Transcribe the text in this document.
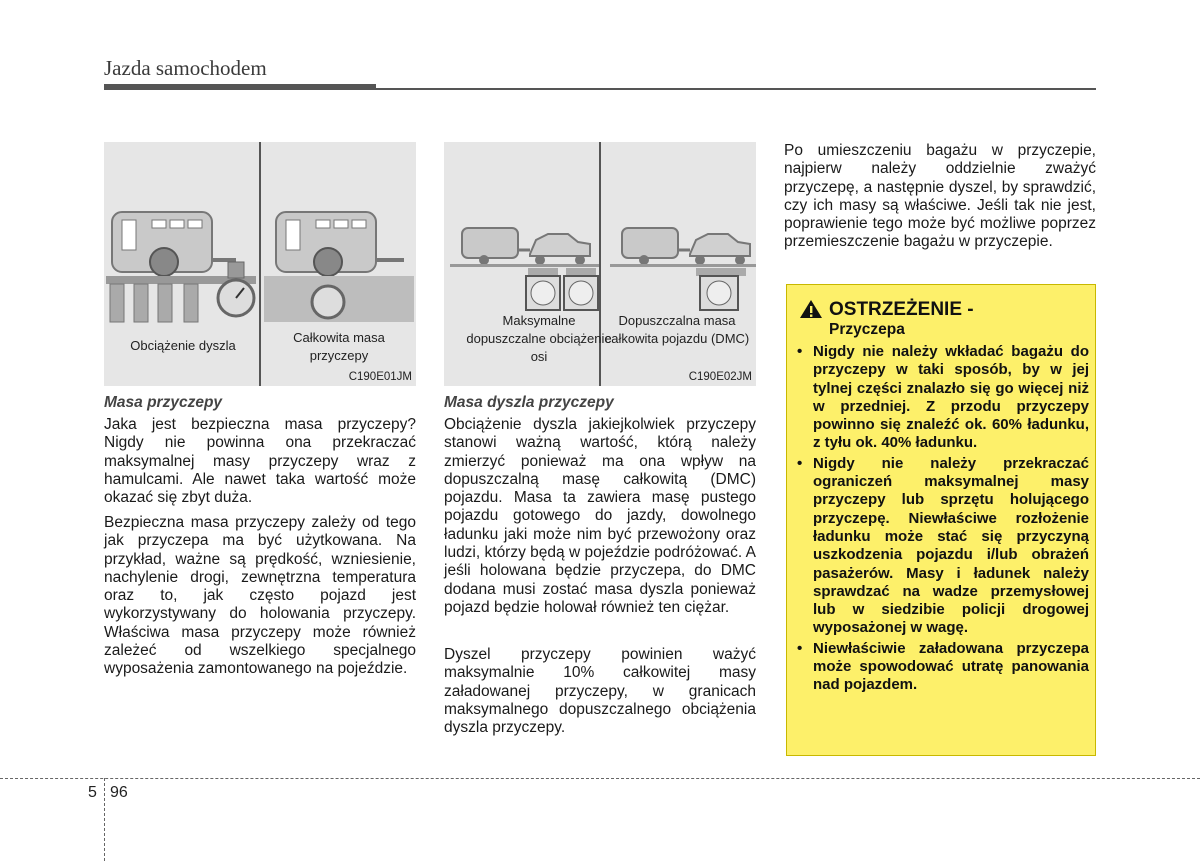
Jazda samochodem
Obciążenie dyszla
Całkowita masa przyczepy
C190E01JM
Maksymalne dopuszczalne obciążenie osi
Dopuszczalna masa całkowita pojazdu (DMC)
C190E02JM
Masa przyczepy
Jaka jest bezpieczna masa przyczepy? Nigdy nie powinna ona przekraczać maksymalnej masy przyczepy wraz z hamulcami. Ale nawet taka wartość może okazać się zbyt duża.
Bezpieczna masa przyczepy zależy od tego jak przyczepa ma być użytkowana. Na przykład, ważne są prędkość, wzniesienie, nachylenie drogi, zewnętrzna temperatura oraz to, jak często pojazd jest wykorzystywany do holowania przyczepy. Właściwa masa przyczepy może również zależeć od wszelkiego specjalnego wyposażenia zamontowanego na pojeździe.
Masa dyszla przyczepy
Obciążenie dyszla jakiejkolwiek przyczepy stanowi ważną wartość, którą należy zmierzyć ponieważ ma ona wpływ na dopuszczalną masę całkowitą (DMC) pojazdu. Masa ta zawiera masę pustego pojazdu gotowego do jazdy, dowolnego ładunku jaki może nim być przewożony oraz ludzi, którzy będą w pojeździe podróżować. A jeśli holowana będzie przyczepa, do DMC dodana musi zostać masa dyszla ponieważ pojazd będzie holował również ten ciężar.
Dyszel przyczepy powinien ważyć maksymalnie 10% całkowitej masy załadowanej przyczepy, w granicach maksymalnego dopuszczalnego obciążenia dyszla przyczepy.
Po umieszczeniu bagażu w przyczepie, najpierw należy oddzielnie zważyć przyczepę, a następnie dyszel, by sprawdzić, czy ich masy są właściwe. Jeśli tak nie jest, poprawienie tego może być możliwe poprzez przemieszczenie bagażu w przyczepie.
OSTRZEŻENIE -
Przyczepa
• Nigdy nie należy wkładać bagażu do przyczepy w taki sposób, by w jej tylnej części znalazło się go więcej niż w przedniej. Z przodu przyczepy powinno się znaleźć ok. 60% ładunku, z tyłu ok. 40% ładunku.
• Nigdy nie należy przekraczać ograniczeń maksymalnej masy przyczepy lub sprzętu holującego przyczepę. Niewłaściwe rozłożenie ładunku może stać się przyczyną uszkodzenia pojazdu i/lub obrażeń pasażerów. Masy i ładunek należy sprawdzać na wadze przemysłowej lub w siedzibie policji drogowej wyposażonej w wagę.
• Niewłaściwie załadowana przyczepa może spowodować utratę panowania nad pojazdem.
5 96
